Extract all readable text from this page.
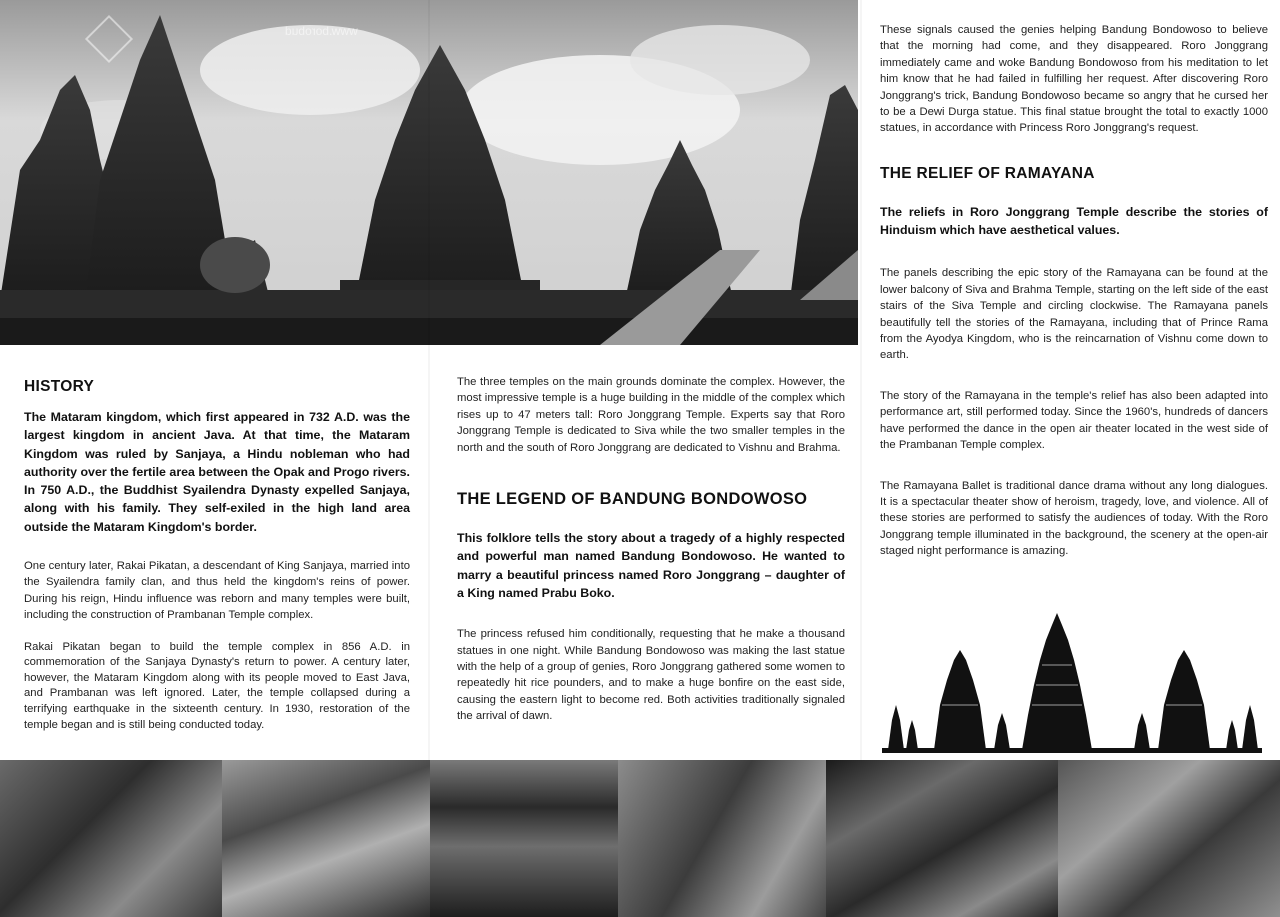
www.borobud
HISTORY
The Mataram kingdom, which first appeared in 732 A.D. was the largest kingdom in ancient Java. At that time, the Mataram Kingdom was ruled by Sanjaya, a Hindu nobleman who had authority over the fertile area between the Opak and Progo rivers. In 750 A.D., the Buddhist Syailendra Dynasty expelled Sanjaya, along with his family. They self-exiled in the high land area outside the Mataram Kingdom's border.

One century later, Rakai Pikatan, a descendant of King Sanjaya, married into the Syailendra family clan, and thus held the kingdom's reins of power. During his reign, Hindu influence was reborn and many temples were built, including the construction of Prambanan Temple complex.

Rakai Pikatan began to build the temple complex in 856 A.D. in commemoration of the Sanjaya Dynasty's return to power. A century later, however, the Mataram Kingdom along with its people moved to East Java, and Prambanan was left ignored. Later, the temple collapsed during a terrifying earthquake in the sixteenth century. In 1930, restoration of the temple began and is still being conducted today.

The three temples on the main grounds dominate the complex. However, the most impressive temple is a huge building in the middle of the complex which rises up to 47 meters tall: Roro Jonggrang Temple. Experts say that Roro Jonggrang Temple is dedicated to Siva while the two smaller temples in the north and the south of Roro Jonggrang are dedicated to Vishnu and Brahma.

THE LEGEND OF BANDUNG BONDOWOSO
This folklore tells the story about a tragedy of a highly respected and powerful man named Bandung Bondowoso. He wanted to marry a beautiful princess named Roro Jonggrang – daughter of a King named Prabu Boko.

The princess refused him conditionally, requesting that he make a thousand statues in one night. While Bandung Bondowoso was making the last statue with the help of a group of genies, Roro Jonggrang gathered some women to repeatedly hit rice pounders, and to make a huge bonfire on the east side, causing the eastern light to become red. Both activities traditionally signaled the arrival of dawn.

These signals caused the genies helping Bandung Bondowoso to believe that the morning had come, and they disappeared. Roro Jonggrang immediately came and woke Bandung Bondowoso from his meditation to let him know that he had failed in fulfilling her request. After discovering Roro Jonggrang's trick, Bandung Bondowoso became so angry that he cursed her to be a Dewi Durga statue. This final statue brought the total to exactly 1000 statues, in accordance with Princess Roro Jonggrang's request.

THE RELIEF OF RAMAYANA
The reliefs in Roro Jonggrang Temple describe the stories of Hinduism which have aesthetical values.

The panels describing the epic story of the Ramayana can be found at the lower balcony of Siva and Brahma Temple, starting on the left side of the east stairs of the Siva Temple and circling clockwise. The Ramayana panels beautifully tell the stories of the Ramayana, including that of Prince Rama from the Ayodya Kingdom, who is the reincarnation of Vishnu come down to earth.

The story of the Ramayana in the temple's relief has also been adapted into performance art, still performed today. Since the 1960's, hundreds of dancers have performed the dance in the open air theater located in the west side of the Prambanan Temple complex.

The Ramayana Ballet is traditional dance drama without any long dialogues. It is a spectacular theater show of heroism, tragedy, love, and violence. All of these stories are performed to satisfy the audiences of today. With the Roro Jonggrang temple illuminated in the background, the scenery at the open-air staged night performance is amazing.
